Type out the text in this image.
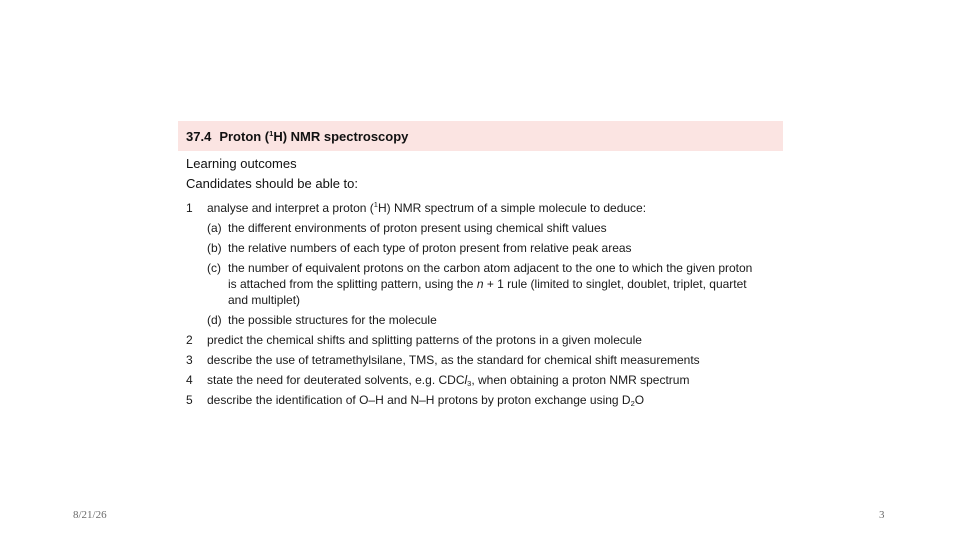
37.4 Proton ($^1$H) NMR spectroscopy
Learning outcomes
Candidates should be able to:
1 analyse and interpret a proton ($^1$H) NMR spectrum of a simple molecule to deduce:
(a) the different environments of proton present using chemical shift values
(b) the relative numbers of each type of proton present from relative peak areas
(c) the number of equivalent protons on the carbon atom adjacent to the one to which the given proton
is attached from the splitting pattern, using the n + 1 rule (limited to singlet, doublet, triplet, quartet
and multiplet)
(d) the possible structures for the molecule
2 predict the chemical shifts and splitting patterns of the protons in a given molecule
3 describe the use of tetramethylsilane, TMS, as the standard for chemical shift measurements
4 state the need for deuterated solvents, e.g. CDCl$_3$, when obtaining a proton NMR spectrum
5 describe the identification of O–H and N–H protons by proton exchange using $D_2O$
8/21/26	3
